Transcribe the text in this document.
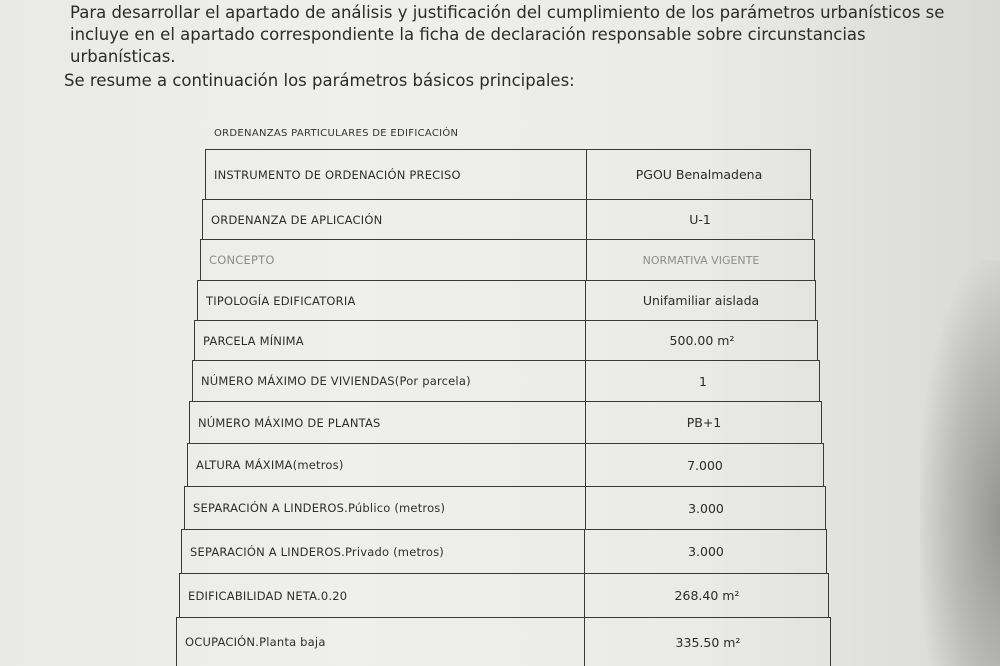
Para desarrollar el apartado de análisis y justificación del cumplimiento de los parámetros urbanísticos se
incluye en el apartado correspondiente la ficha de declaración responsable sobre circunstancias urbanísticas.
Se resume a continuación los parámetros básicos principales:
ORDENANZAS PARTICULARES DE EDIFICACIÓN
INSTRUMENTO DE ORDENACIÓN PRECISO	PGOU Benalmadena
ORDENANZA DE APLICACIÓN	U-1
CONCEPTO	NORMATIVA VIGENTE
TIPOLOGÍA EDIFICATORIA	Unifamiliar aislada
PARCELA MÍNIMA	500.00 m²
NÚMERO MÁXIMO DE VIVIENDAS (Por parcela)	1
NÚMERO MÁXIMO DE PLANTAS	PB+1
ALTURA MÁXIMA (metros)	7.000
SEPARACIÓN A LINDEROS. Público (metros)	3.000
SEPARACIÓN A LINDEROS. Privado (metros)	3.000
EDIFICABILIDAD NETA. 0.20	268.40 m²
OCUPACIÓN. Planta baja	335.50 m²
